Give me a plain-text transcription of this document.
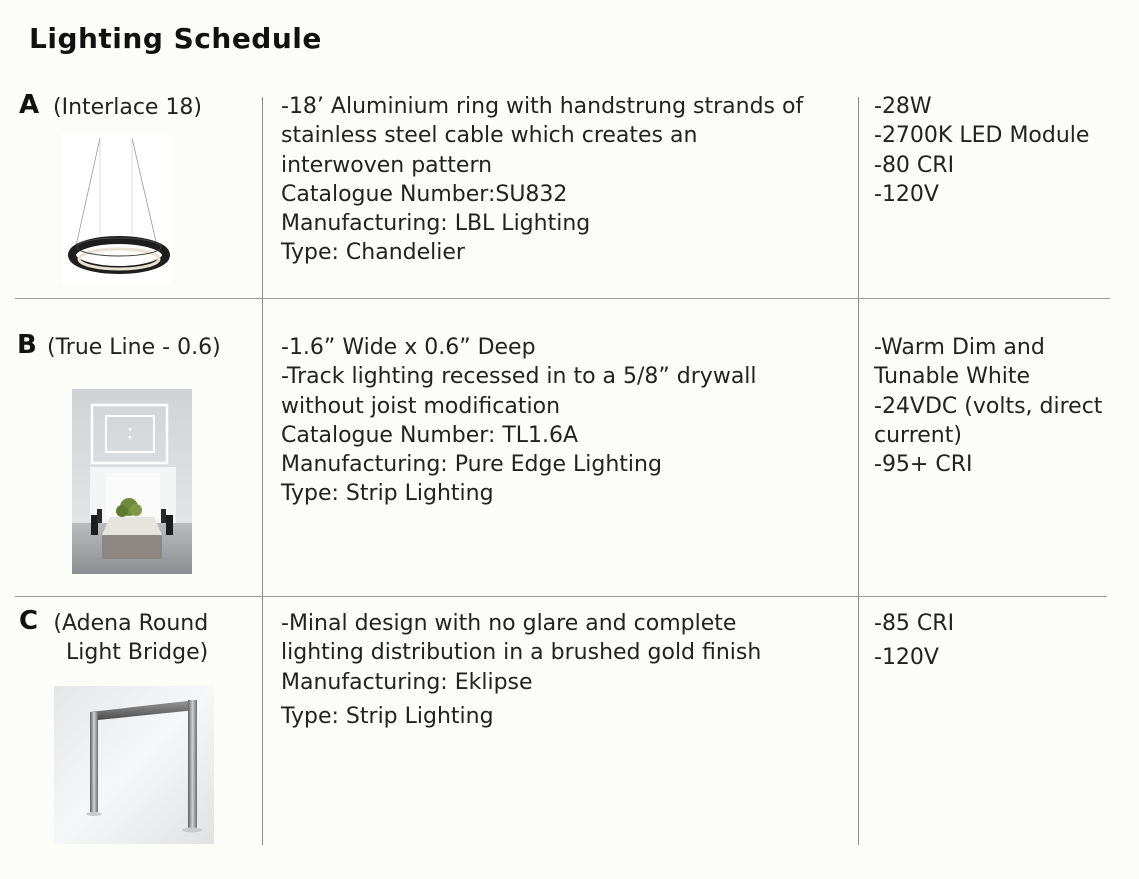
Lighting Schedule
A (Interlace 18)	-18’ Aluminium ring with handstrung strands of
stainless steel cable which creates an
interwoven pattern
Catalogue Number:SU832
Manufacturing: LBL Lighting
Type: Chandelier
-28W
-2700K LED Module
-80 CRI
-120V
B (True Line - 0.6)	-1.6” Wide x 0.6” Deep
-Track lighting recessed in to a 5/8” drywall
without joist modification
Catalogue Number: TL1.6A
Manufacturing: Pure Edge Lighting
Type: Strip Lighting
-Warm Dim and
Tunable White
-24VDC (volts, direct
current)
-95+ CRI
C (Adena Round
Light Bridge)
-Minal design with no glare and complete
lighting distribution in a brushed gold finish
Manufacturing: Eklipse
Type: Strip Lighting
-85 CRI
-120V
